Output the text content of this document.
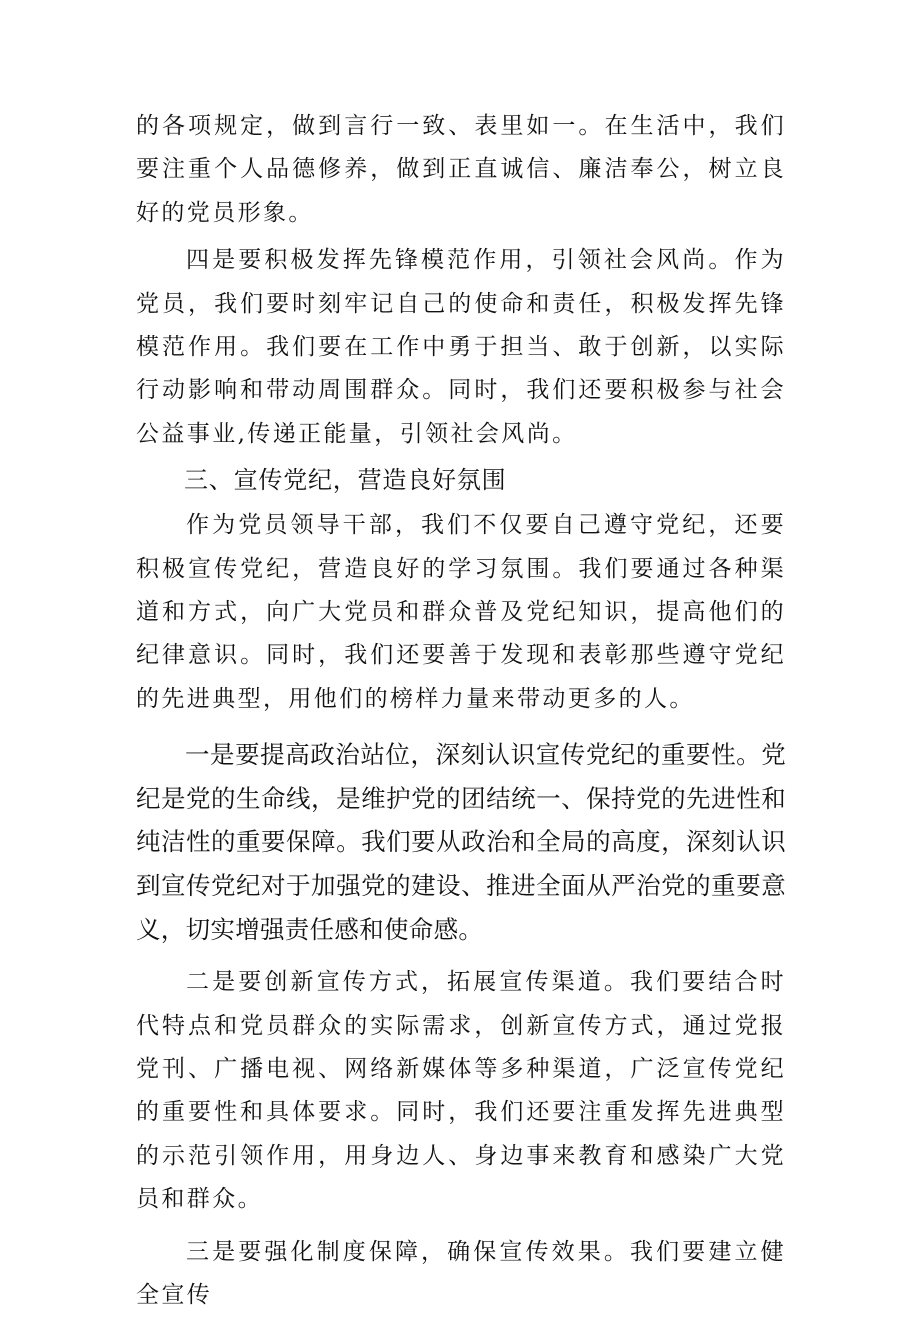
的各项规定，做到言行一致、表里如一。在生活中，我们要注重个人品德修养，做到正直诚信、廉洁奉公，树立良好的党员形象。

四是要积极发挥先锋模范作用，引领社会风尚。作为党员，我们要时刻牢记自己的使命和责任，积极发挥先锋模范作用。我们要在工作中勇于担当、敢于创新，以实际行动影响和带动周围群众。同时，我们还要积极参与社会公益事业,传递正能量，引领社会风尚。

三、宣传党纪，营造良好氛围

作为党员领导干部，我们不仅要自己遵守党纪，还要积极宣传党纪，营造良好的学习氛围。我们要通过各种渠道和方式，向广大党员和群众普及党纪知识，提高他们的纪律意识。同时，我们还要善于发现和表彰那些遵守党纪的先进典型，用他们的榜样力量来带动更多的人。

一是要提高政治站位，深刻认识宣传党纪的重要性。党纪是党的生命线，是维护党的团结统一、保持党的先进性和纯洁性的重要保障。我们要从政治和全局的高度，深刻认识到宣传党纪对于加强党的建设、推进全面从严治党的重要意义，切实增强责任感和使命感。

二是要创新宣传方式，拓展宣传渠道。我们要结合时代特点和党员群众的实际需求，创新宣传方式，通过党报党刊、广播电视、网络新媒体等多种渠道，广泛宣传党纪的重要性和具体要求。同时，我们还要注重发挥先进典型的示范引领作用，用身边人、身边事来教育和感染广大党员和群众。

三是要强化制度保障，确保宣传效果。我们要建立健全宣传
